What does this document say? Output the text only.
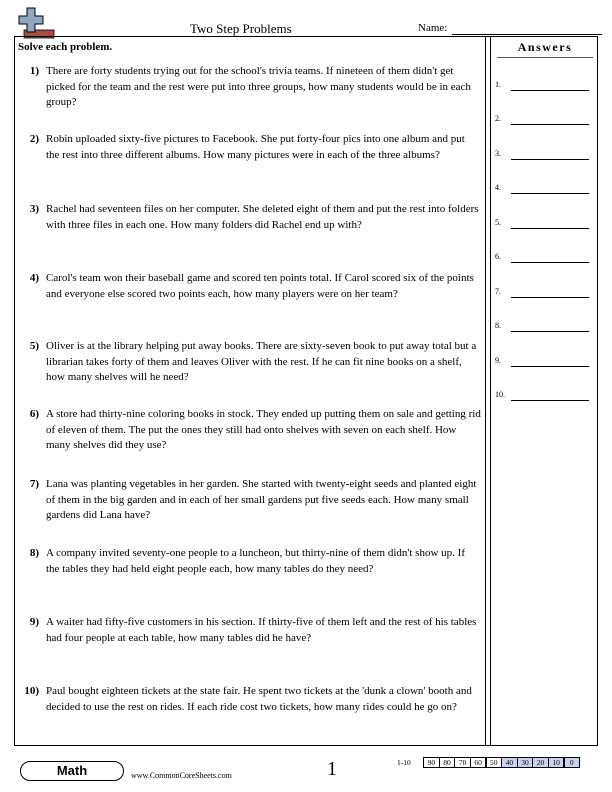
Two Step Problems	Name:
Solve each problem.
1) There are forty students trying out for the school's trivia teams. If nineteen of them didn't get picked for the team and the rest were put into three groups, how many students would be in each group?
2) Robin uploaded sixty-five pictures to Facebook. She put forty-four pics into one album and put the rest into three different albums. How many pictures were in each of the three albums?
3) Rachel had seventeen files on her computer. She deleted eight of them and put the rest into folders with three files in each one. How many folders did Rachel end up with?
4) Carol's team won their baseball game and scored ten points total. If Carol scored six of the points and everyone else scored two points each, how many players were on her team?
5) Oliver is at the library helping put away books. There are sixty-seven book to put away total but a librarian takes forty of them and leaves Oliver with the rest. If he can fit nine books on a shelf, how many shelves will he need?
6) A store had thirty-nine coloring books in stock. They ended up putting them on sale and getting rid of eleven of them. The put the ones they still had onto shelves with seven on each shelf. How many shelves did they use?
7) Lana was planting vegetables in her garden. She started with twenty-eight seeds and planted eight of them in the big garden and in each of her small gardens put five seeds each. How many small gardens did Lana have?
8) A company invited seventy-one people to a luncheon, but thirty-nine of them didn't show up. If the tables they had held eight people each, how many tables do they need?
9) A waiter had fifty-five customers in his section. If thirty-five of them left and the rest of his tables had four people at each table, how many tables did he have?
10) Paul bought eighteen tickets at the state fair. He spent two tickets at the 'dunk a clown' booth and decided to use the rest on rides. If each ride cost two tickets, how many rides could he go on?
Answers
1.
2.
3.
4.
5.
6.
7.
8.
9.
10.
Math	www.CommonCoreSheets.com	1	1-10	90	80	70	60	50	40	30	20	10	0
